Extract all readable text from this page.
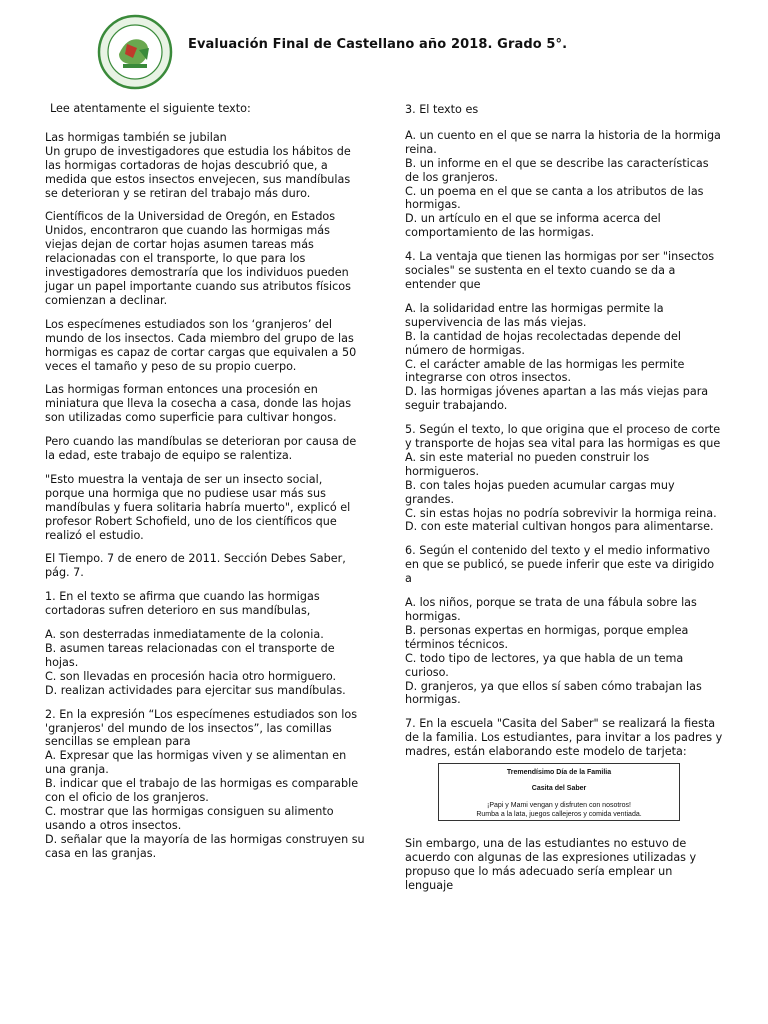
Evaluación Final de Castellano año 2018. Grado 5°.
Lee atentamente el siguiente texto:
Las hormigas también se jubilan
Un grupo de investigadores que estudia los hábitos de las hormigas cortadoras de hojas descubrió que, a medida que estos insectos envejecen, sus mandíbulas se deterioran y se retiran del trabajo más duro.
Científicos de la Universidad de Oregón, en Estados Unidos, encontraron que cuando las hormigas más viejas dejan de cortar hojas asumen tareas más relacionadas con el transporte, lo que para los investigadores demostraría que los individuos pueden jugar un papel importante cuando sus atributos físicos comienzan a declinar.
Los especímenes estudiados son los ‘granjeros’ del mundo de los insectos. Cada miembro del grupo de las hormigas es capaz de cortar cargas que equivalen a 50 veces el tamaño y peso de su propio cuerpo.
Las hormigas forman entonces una procesión en miniatura que lleva la cosecha a casa, donde las hojas son utilizadas como superficie para cultivar hongos.
Pero cuando las mandíbulas se deterioran por causa de la edad, este trabajo de equipo se ralentiza.
"Esto muestra la ventaja de ser un insecto social, porque una hormiga que no pudiese usar más sus mandíbulas y fuera solitaria habría muerto", explicó el profesor Robert Schofield, uno de los científicos que realizó el estudio.
El Tiempo. 7 de enero de 2011. Sección Debes Saber, pág. 7.
1. En el texto se afirma que cuando las hormigas cortadoras sufren deterioro en sus mandíbulas,
A. son desterradas inmediatamente de la colonia.
B. asumen tareas relacionadas con el transporte de hojas.
C. son llevadas en procesión hacia otro hormiguero.
D. realizan actividades para ejercitar sus mandíbulas.
2. En la expresión “Los especímenes estudiados son los 'granjeros' del mundo de los insectos”, las comillas sencillas se emplean para
A. Expresar que las hormigas viven y se alimentan en una granja.
B. indicar que el trabajo de las hormigas es comparable con el oficio de los granjeros.
C. mostrar que las hormigas consiguen su alimento usando a otros insectos.
D. señalar que la mayoría de las hormigas construyen su casa en las granjas.
3. El texto es
A. un cuento en el que se narra la historia de la hormiga reina.
B. un informe en el que se describe las características de los granjeros.
C. un poema en el que se canta a los atributos de las hormigas.
D. un artículo en el que se informa acerca del comportamiento de las hormigas.
4. La ventaja que tienen las hormigas por ser "insectos sociales" se sustenta en el texto cuando se da a entender que
A. la solidaridad entre las hormigas permite la supervivencia de las más viejas.
B. la cantidad de hojas recolectadas depende del número de hormigas.
C. el carácter amable de las hormigas les permite integrarse con otros insectos.
D. las hormigas jóvenes apartan a las más viejas para seguir trabajando.
5. Según el texto, lo que origina que el proceso de corte y transporte de hojas sea vital para las hormigas es que
A. sin este material no pueden construir los hormigueros.
B. con tales hojas pueden acumular cargas muy grandes.
C. sin estas hojas no podría sobrevivir la hormiga reina.
D. con este material cultivan hongos para alimentarse.
6. Según el contenido del texto y el medio informativo en que se publicó, se puede inferir que este va dirigido a
A. los niños, porque se trata de una fábula sobre las hormigas.
B. personas expertas en hormigas, porque emplea términos técnicos.
C. todo tipo de lectores, ya que habla de un tema curioso.
D. granjeros, ya que ellos sí saben cómo trabajan las hormigas.
7. En la escuela "Casita del Saber" se realizará la fiesta de la familia. Los estudiantes, para invitar a los padres y madres, están elaborando este modelo de tarjeta:
Tremendísimo Día de la Familia
Casita del Saber
¡Papi y Mami vengan y disfruten con nosotros!
Rumba a la lata, juegos callejeros y comida ventiada.
Sin embargo, una de las estudiantes no estuvo de acuerdo con algunas de las expresiones utilizadas y propuso que lo más adecuado sería emplear un lenguaje
